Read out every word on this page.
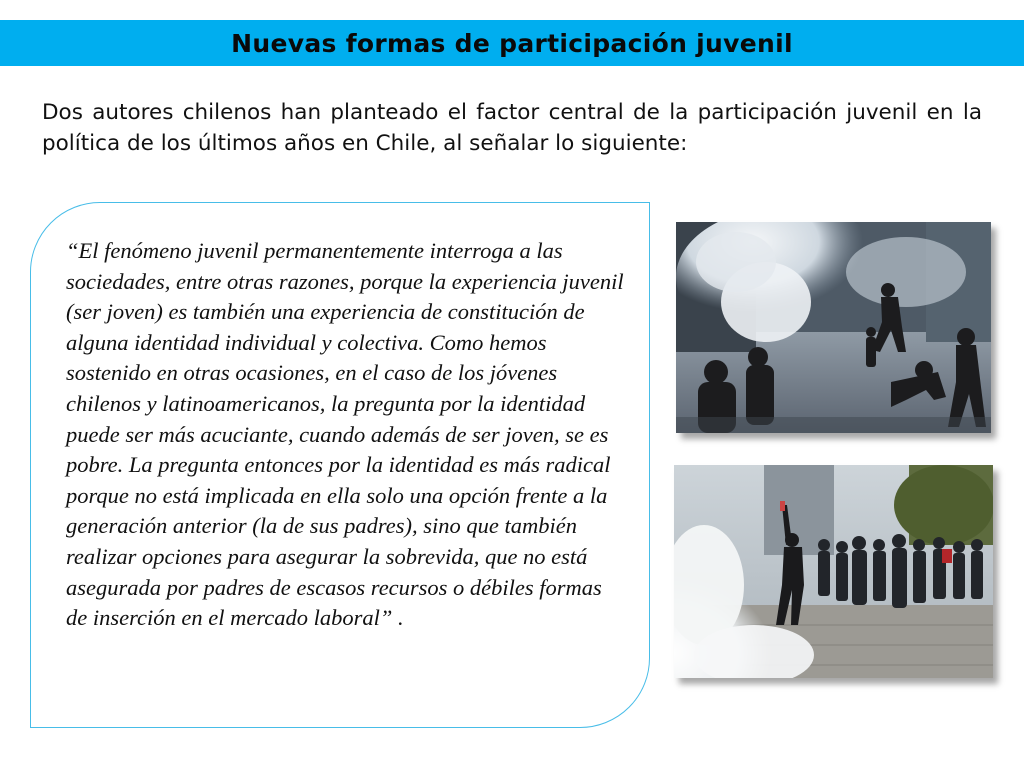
Nuevas formas de participación juvenil

Dos autores chilenos han planteado el factor central de la participación juvenil en la política de los últimos años en Chile, al señalar lo siguiente:

“El fenómeno juvenil permanentemente interroga a las sociedades, entre otras razones, porque la experiencia juvenil (ser joven) es también una experiencia de constitución de alguna identidad individual y colectiva. Como hemos sostenido en otras ocasiones, en el caso de los jóvenes chilenos y latinoamericanos, la pregunta por la identidad puede ser más acuciante, cuando además de ser joven, se es pobre. La pregunta entonces por la identidad es más radical porque no está implicada en ella solo una opción frente a la generación anterior (la de sus padres), sino que también realizar opciones para asegurar la sobrevida, que no está asegurada por padres de escasos recursos o débiles formas de inserción en el mercado laboral” .
